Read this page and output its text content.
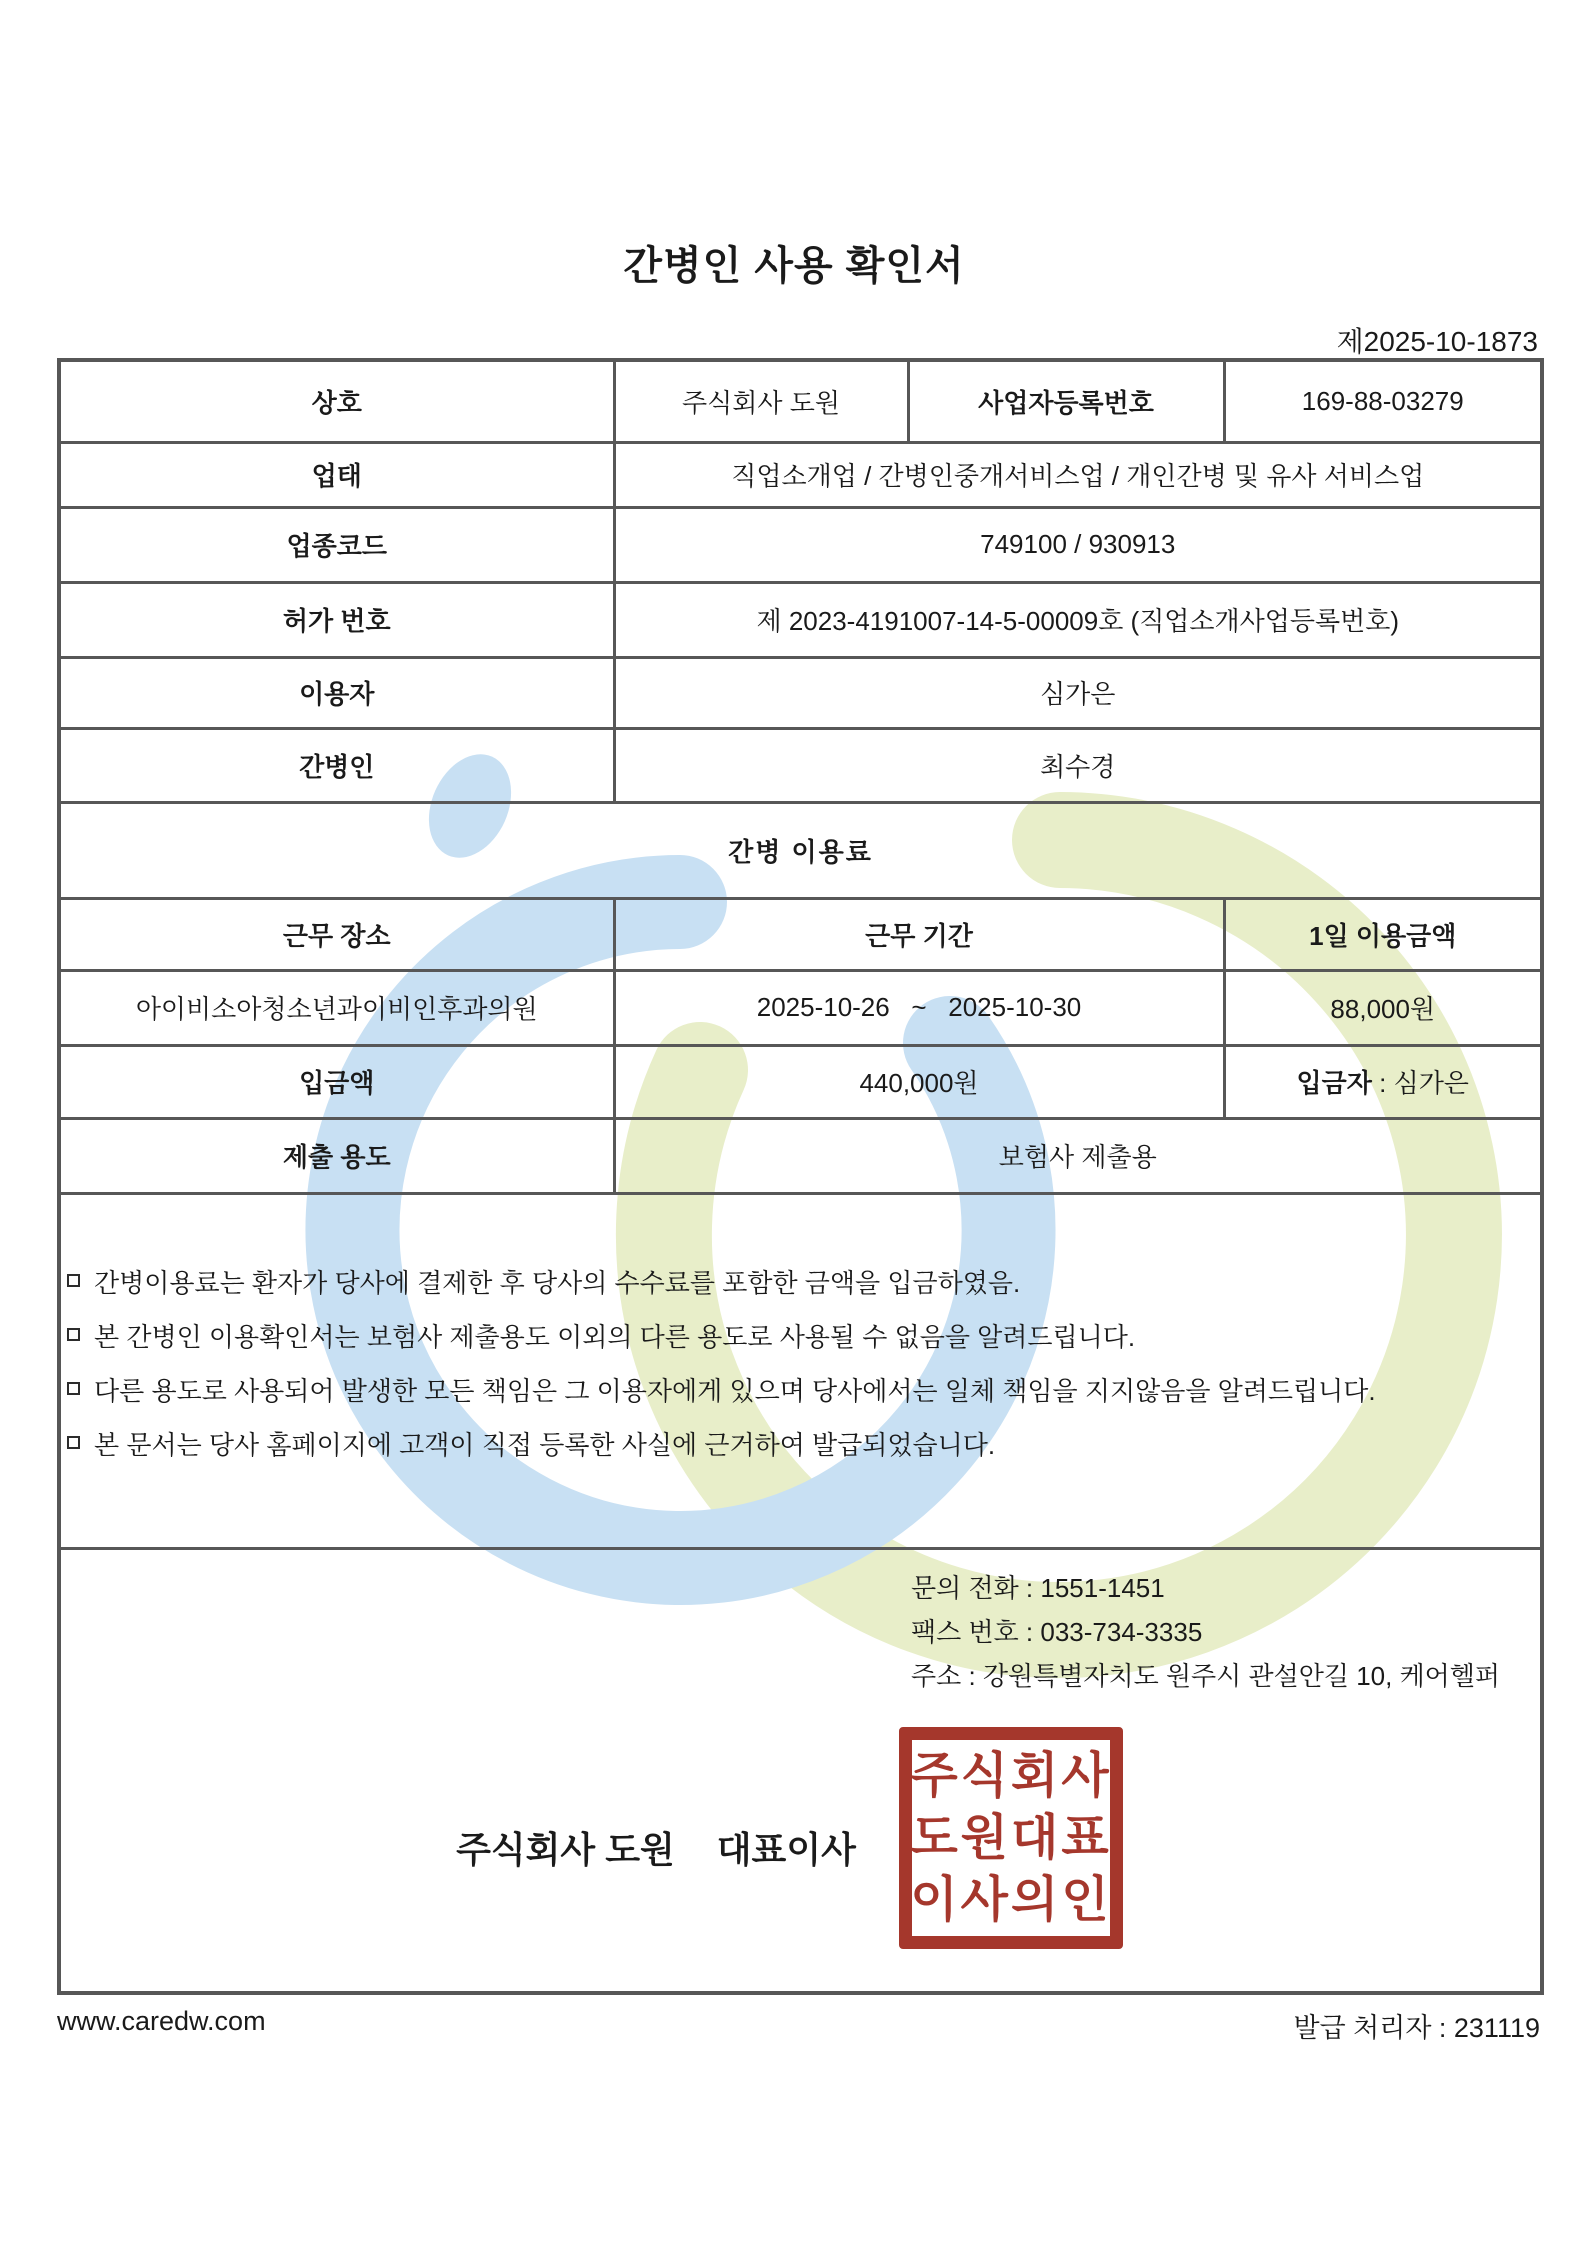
간병인 사용 확인서
제2025-10-1873
상호	주식회사 도원	사업자등록번호	169-88-03279
업태	직업소개업 / 간병인중개서비스업 / 개인간병 및 유사 서비스업		
업종코드	749100 / 930913		
허가 번호	제 2023-4191007-14-5-00009호 (직업소개사업등록번호)		
이용자	심가은		
간병인	최수경		
간병 이용료			
근무 장소	근무 기간		1일 이용금액
아이비소아청소년과이비인후과의원	2025-10-26   ~   2025-10-30		88,000원
입금액	440,000원		입금자 : 심가은
제출 용도	보험사 제출용		

간병이용료는 환자가 당사에 결제한 후 당사의 수수료를 포함한 금액을 입금하였음.
본 간병인 이용확인서는 보험사 제출용도 이외의 다른 용도로 사용될 수 없음을 알려드립니다.
다른 용도로 사용되어 발생한 모든 책임은 그 이용자에게 있으며 당사에서는 일체 책임을 지지않음을 알려드립니다.
본 문서는 당사 홈페이지에 고객이 직접 등록한 사실에 근거하여 발급되었습니다.			

문의 전화 : 1551-1451
팩스 번호 : 033-734-3335
주소 : 강원특별자치도 원주시 관설안길 10, 케어헬퍼
주식회사 도원 대표이사
주식회사
도원대표
이사의인
www.caredw.com	발급 처리자 : 231119
